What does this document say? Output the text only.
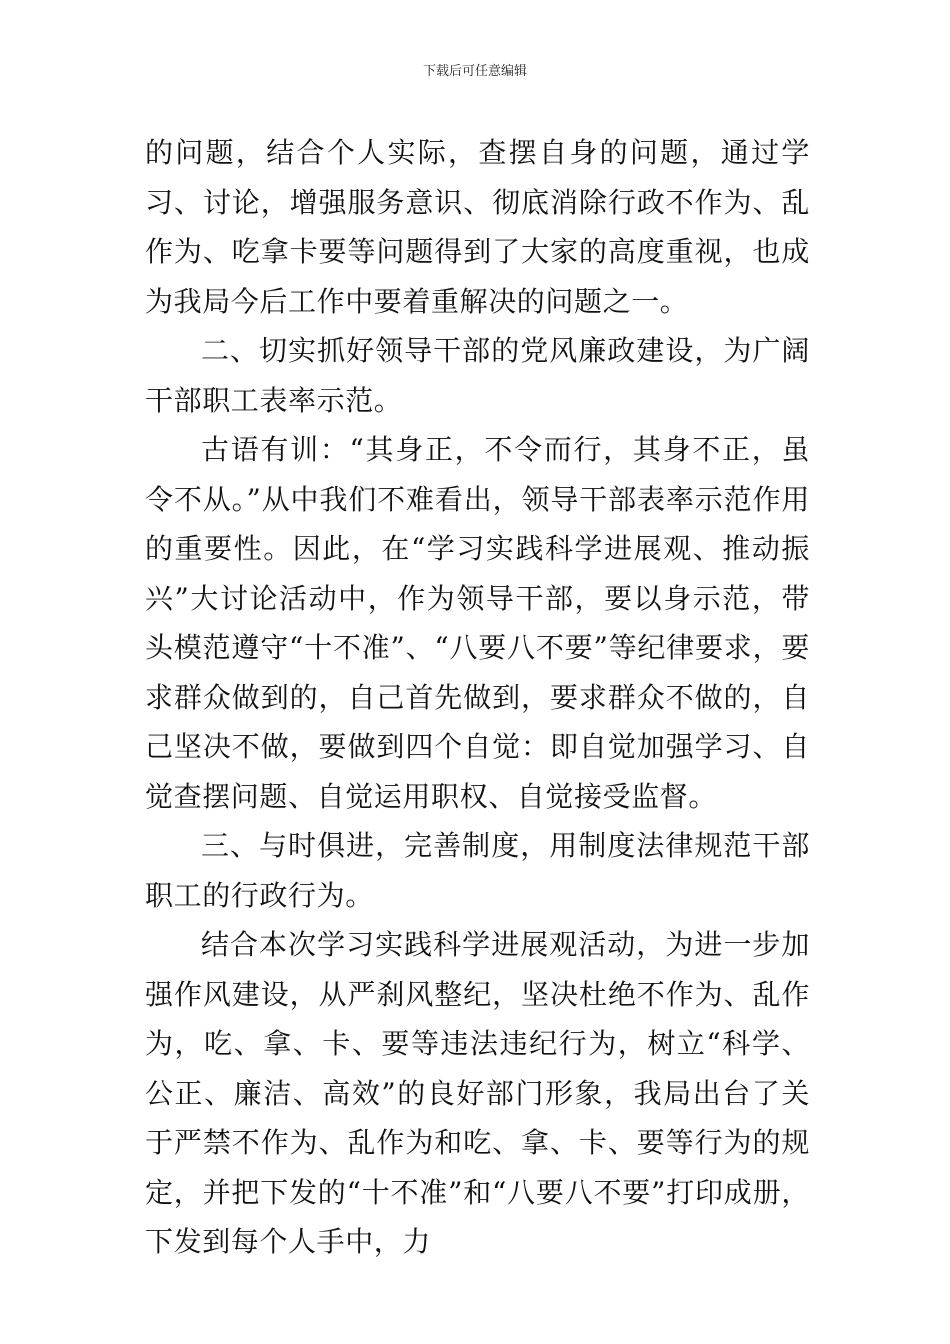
下载后可任意编辑

的问题，结合个人实际，查摆自身的问题，通过学习、讨论，增强服务意识、彻底消除行政不作为、乱作为、吃拿卡要等问题得到了大家的高度重视，也成为我局今后工作中要着重解决的问题之一。

二、切实抓好领导干部的党风廉政建设，为广阔干部职工表率示范。

古语有训：“其身正，不令而行，其身不正，虽令不从。”从中我们不难看出，领导干部表率示范作用的重要性。因此，在“学习实践科学进展观、推动振兴”大讨论活动中，作为领导干部，要以身示范，带头模范遵守“十不准”、“八要八不要”等纪律要求，要求群众做到的，自己首先做到，要求群众不做的，自己坚决不做，要做到四个自觉：即自觉加强学习、自觉查摆问题、自觉运用职权、自觉接受监督。

三、与时俱进，完善制度，用制度法律规范干部职工的行政行为。

结合本次学习实践科学进展观活动，为进一步加强作风建设，从严刹风整纪，坚决杜绝不作为、乱作为，吃、拿、卡、要等违法违纪行为，树立“科学、公正、廉洁、高效”的良好部门形象，我局出台了关于严禁不作为、乱作为和吃、拿、卡、要等行为的规定，并把下发的“十不准”和“八要八不要”打印成册，下发到每个人手中，力
